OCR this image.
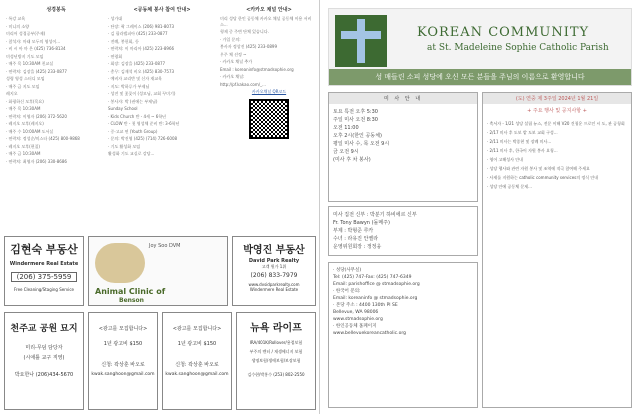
성경봉독
· 특강 교육
· 미니의 소양
미리어 성경공부(주제)
· 참석자: 마태 모두의 영성이...
· 비 시 아 마 은 (425) 736-8134
미성년방지 기도 모임
· 매주 목 10:30AM 친교실
· 연락처: 김장을 (425) 233-0877
성령 영성 스터디 모임
· 매주 금 지도 모임
레지오
· 화평하신 모후(목요)
· 매주 목 10:30AM
· 연락처: 이영자 (206) 372-5620
· 레지오 모후(레지오)
· 매주 수 10:00AM 도서실
· 연락처: 정성순/미스타 (425) 800-9868
· 레지오 모후(편집)
· 매주 금 10:30AM
· 연락처: 최영자 (206) 330-8686
<공동체 봉사 참여 안내>
· 성가대
· 단장: 곽 그레이스 (206) 981-8073
· 김 필라델피아 (425) 233-0877
· 전례, 봉헌회, 등
· 연락처: 이 마리아 (425) 223-8966
· 연령회
· 회장: 김장을 (425) 233-0877
· 총무: 김재석 비오 (425) 830-7573
· 예비자 교리반 및 신자 재교육
· 지도: 박하루가 부제님
· 성전 및 꽃꽂이 (성모님, 교회 꾸미기)
· 봉사자: 박 (권에는 부제님)
Sunday School
· Kids Church 반 - 4세 ~ 6학년
· CLOW 반 - 첫 영성체 준비 반: 3-6학년
· 중·고교 연 (Youth Group)
· 문의: 박진영 (425) (714) 726-6008
· 기도 활성화 모임
활성화 기도 교실로 강당...
<카카오 채널 안내>
미리 성당 한인 공동체 카카오 채널 공동체 이용 서비스...
형제 중 주변 단체 있습니다.
· 가입 문의:
봉사자 정상진 (425) 233-0899
우주 체 선정 ~
· 카카오 채널 추가
Email : koreaninfo@stmadsophie.org
· 카카오 채널:
http://pf.kakao.com/_...
카카오채널 QR코드
김현숙 부동산
Windermere Real Estate
(206) 375-5959
Free Cleaning/Staging Service
Joy Soo DVM
Animal Clinic of
Benson
박영진 부동산
David Park Realty
고객 원가 1위
(206) 833-7979
www.dvsidparkrealty.com
Windermere Real Estate
천주교 공원 묘지
미리-무덤 담당자
(시애틀 교구 직영)
박요한나 (206)434-5670
<광고를 모집합니다>
1년 광고비 $150
신청: 곽상훈 바오로
kwak.sanghoon@gmail.com
<광고를 모집합니다>
1년 광고비 $150
신청: 곽상훈 바오로
kwak.sanghoon@gmail.com
뉴욕 라이프
IRA/401K/Rollover/용접보험
부주의 엔터 / 재생에너지 보험
생명보험/생애보험/보장보험
김수현/박홍수 (253) 802-2550
KOREAN COMMUNITY
at St. Madeleine Sophie Catholic Parish
성 매들린 소피 성당에 오신 모든 분들을 주님의 이름으로 환영합니다
미 사 안 내
토요 특전 오후 5:30
주일 미사 오전 8:30
오전 11:00
오후 2시(한인 공동체)
평일 미사 수, 목 오전 9시
금 오전 9시
(미사 후 차 봉사)
미사 집전 신부 : 박분기 하비에르 신부
Fr. Tony Bawyn (돌메주)
부제 : 박형준 루카
수녀 : 라유진 안젤라
운영위원회장 : 정정웅
· 성당(사무실)
Tel: (425) 747-Fax: (425) 747-6349
Email: parishoffice @ stmadsophie.org
· 한국어 문의:
Email: koreaninfo @ stmadsophie.org
· 본당 주소 : 4400 130th Pl SE
Bellevue, WA 98006
www.stmadsophie.org
· 한인공동체 홈페이지
www.bellevuekoreancatholic.org
(도) 연중 제 3주일 2024년 1월 21일
+ 주요 행사 및 공지사항 +
· 축서자 - 1/21 성당 설립 뉴스, 전문 이해 V20 건청운 프로인 시 도, 관 공청회
· 2/17 미사 후 도보 밭 도보 교회 구성...
· 2/11 미사는 박종현 및 장례 미사...
· 2/11 미사 후, 한국어 자원 봉사 요청...
· 영어 고해성사 안내
· 성당 행사와 관련 자원 봉사 및 조역에 적극 참여해 주세요
· 사제를 지원하는 catholic community services의 정식 안내
· 성당 안에 공동체 문제...
